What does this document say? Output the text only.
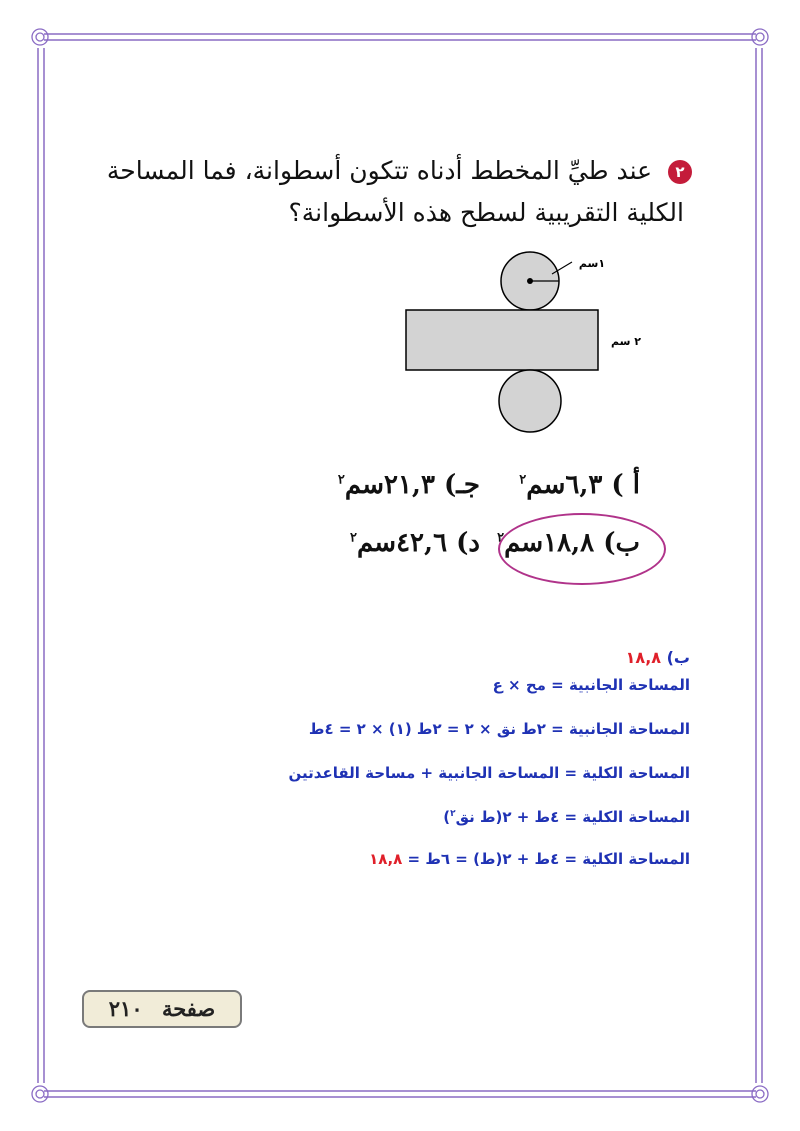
٢ عند طيِّ المخطط أدناه تتكون أسطوانة، فما المساحة
الكلية التقريبية لسطح هذه الأسطوانة؟
١سم
٢ سم
أ ) ٦,٣سم$^٢$
جـ) ٢١,٣سم$^٢$
ب) ١٨,٨سم$^٢$
د) ٤٢,٦سم$^٢$
ب) ١٨,٨
المساحة الجانبية = مح × ع
المساحة الجانبية = ٢ط نق × ٢ = ٢ط (١) × ٢ = ٤ط
المساحة الكلية = المساحة الجانبية + مساحة القاعدتين
المساحة الكلية = ٤ط + ٢(ط نق$^٢$)
المساحة الكلية = ٤ط + ٢(ط) = ٦ط = ١٨,٨
صفحة ٢١٠
